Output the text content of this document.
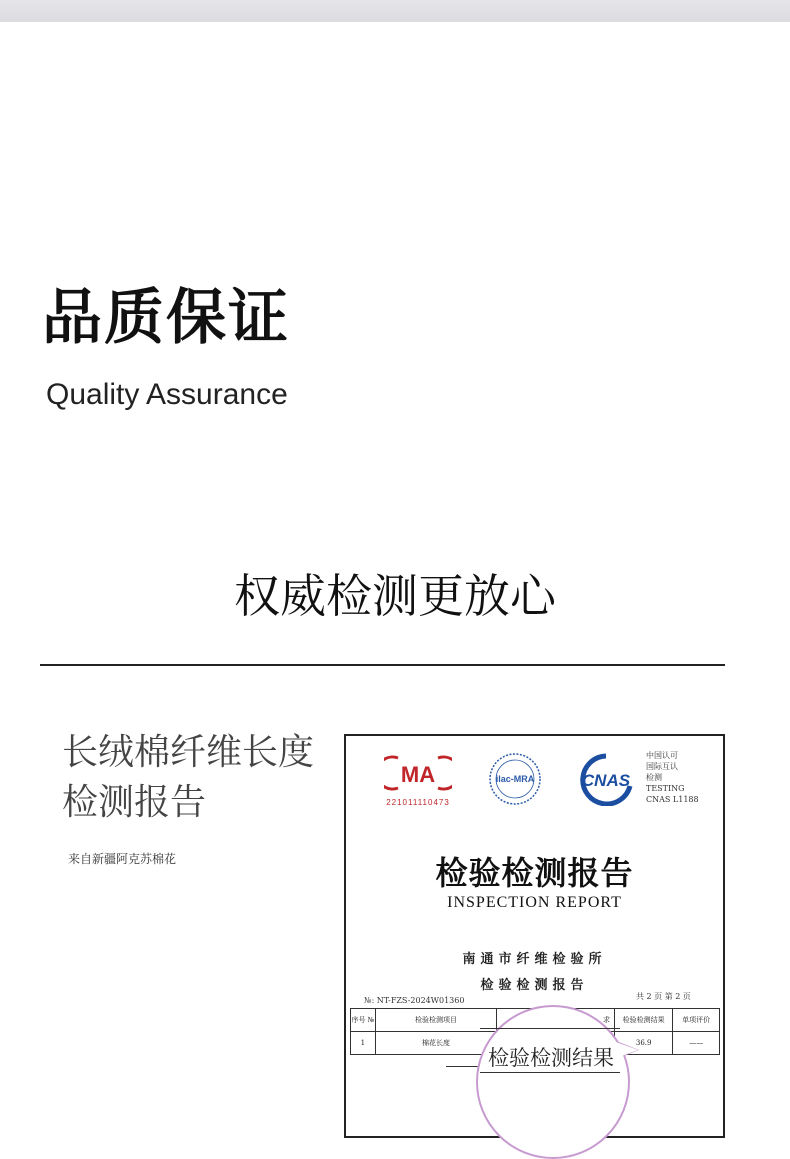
品质保证
Quality Assurance
权威检测更放心
长绒棉纤维长度
检测报告
来自新疆阿克苏棉花
MA
221011110473
ilac-MRA	CNAS
中国认可
国际互认
检测
TESTING
CNAS L1188
检验检测报告
INSPECTION REPORT
南通市纤维检验所
检验检测报告
№: NT-FZS-2024W01360	共 2 页 第 2 页
序号 №	检验检测项目	求	检验检测结果	单项评价
1	棉花长度		36.9	——
检验检测结果
